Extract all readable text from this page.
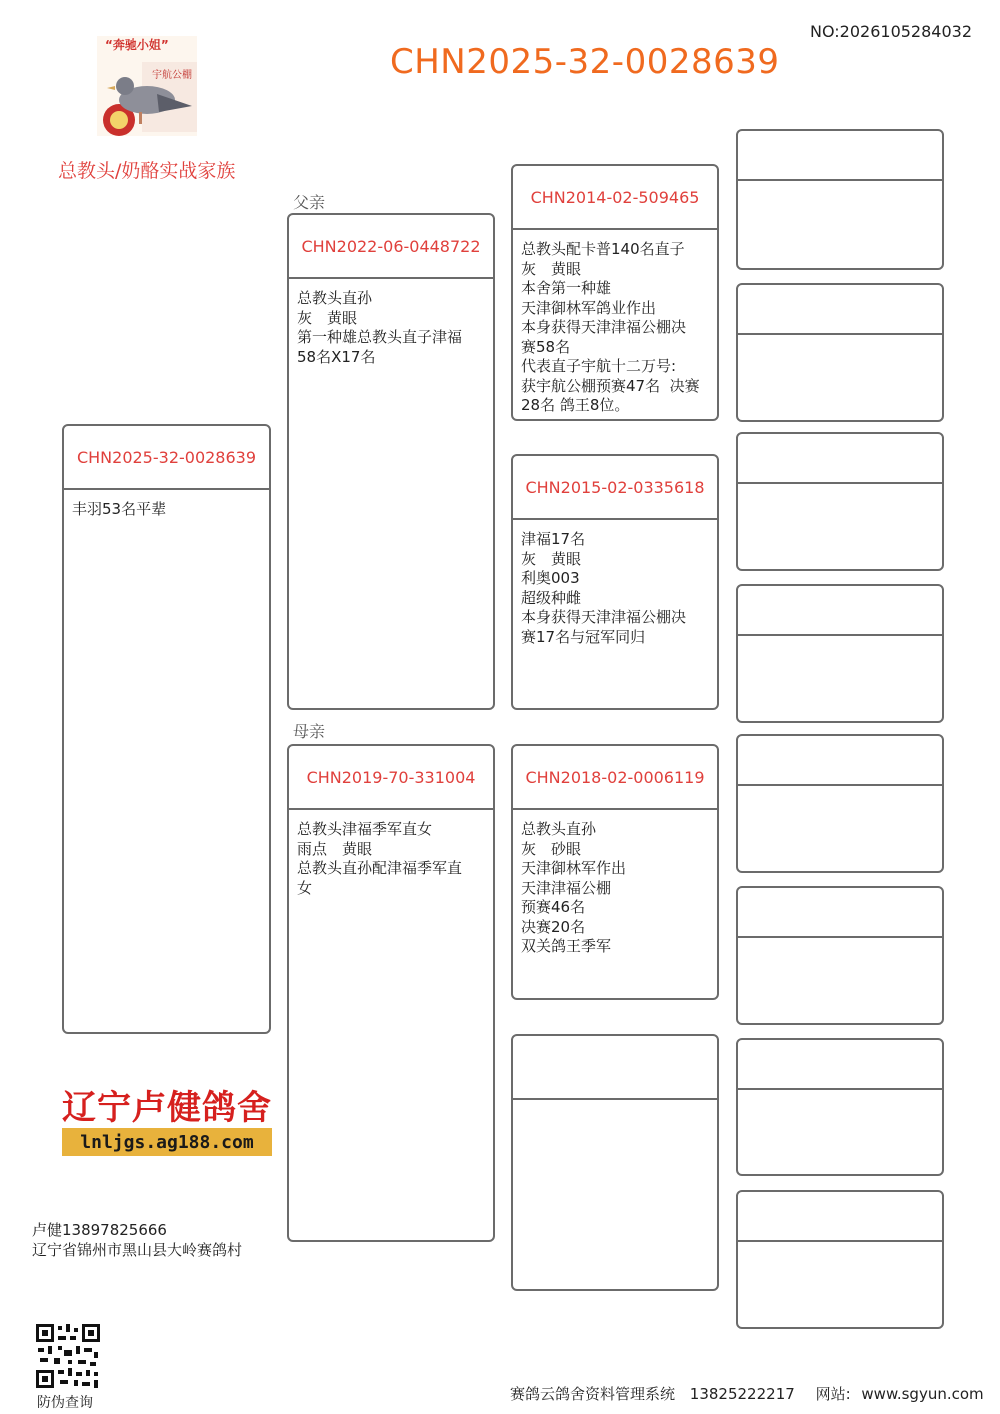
NO:2026105284032
CHN2025-32-0028639
“奔驰小姐”
宇航公棚
总教头/奶酪实战家族
父亲
母亲
CHN2025-32-0028639
丰羽53名平辈
CHN2022-06-0448722
总教头直孙
灰　黄眼
第一种雄总教头直子津福
58名X17名
CHN2019-70-331004
总教头津福季军直女
雨点　黄眼
总教头直孙配津福季军直
女
CHN2014-02-509465
总教头配卡普140名直子
灰　黄眼
本舍第一种雄
天津御林军鸽业作出
本身获得天津津福公棚决
赛58名
代表直子宇航十二万号:
获宇航公棚预赛47名  决赛
28名 鸽王8位。
CHN2015-02-0335618
津福17名
灰　黄眼
利奥003
超级种雌
本身获得天津津福公棚决
赛17名与冠军同归
CHN2018-02-0006119
总教头直孙
灰　砂眼
天津御林军作出
天津津福公棚
预赛46名
决赛20名
双关鸽王季军
辽宁卢健鸽舍
lnljgs.ag188.com
卢健13897825666
辽宁省锦州市黑山县大岭赛鸽村
防伪查询	赛鸽云鸽舍资料管理系统 13825222217 网站: www.sgyun.com
